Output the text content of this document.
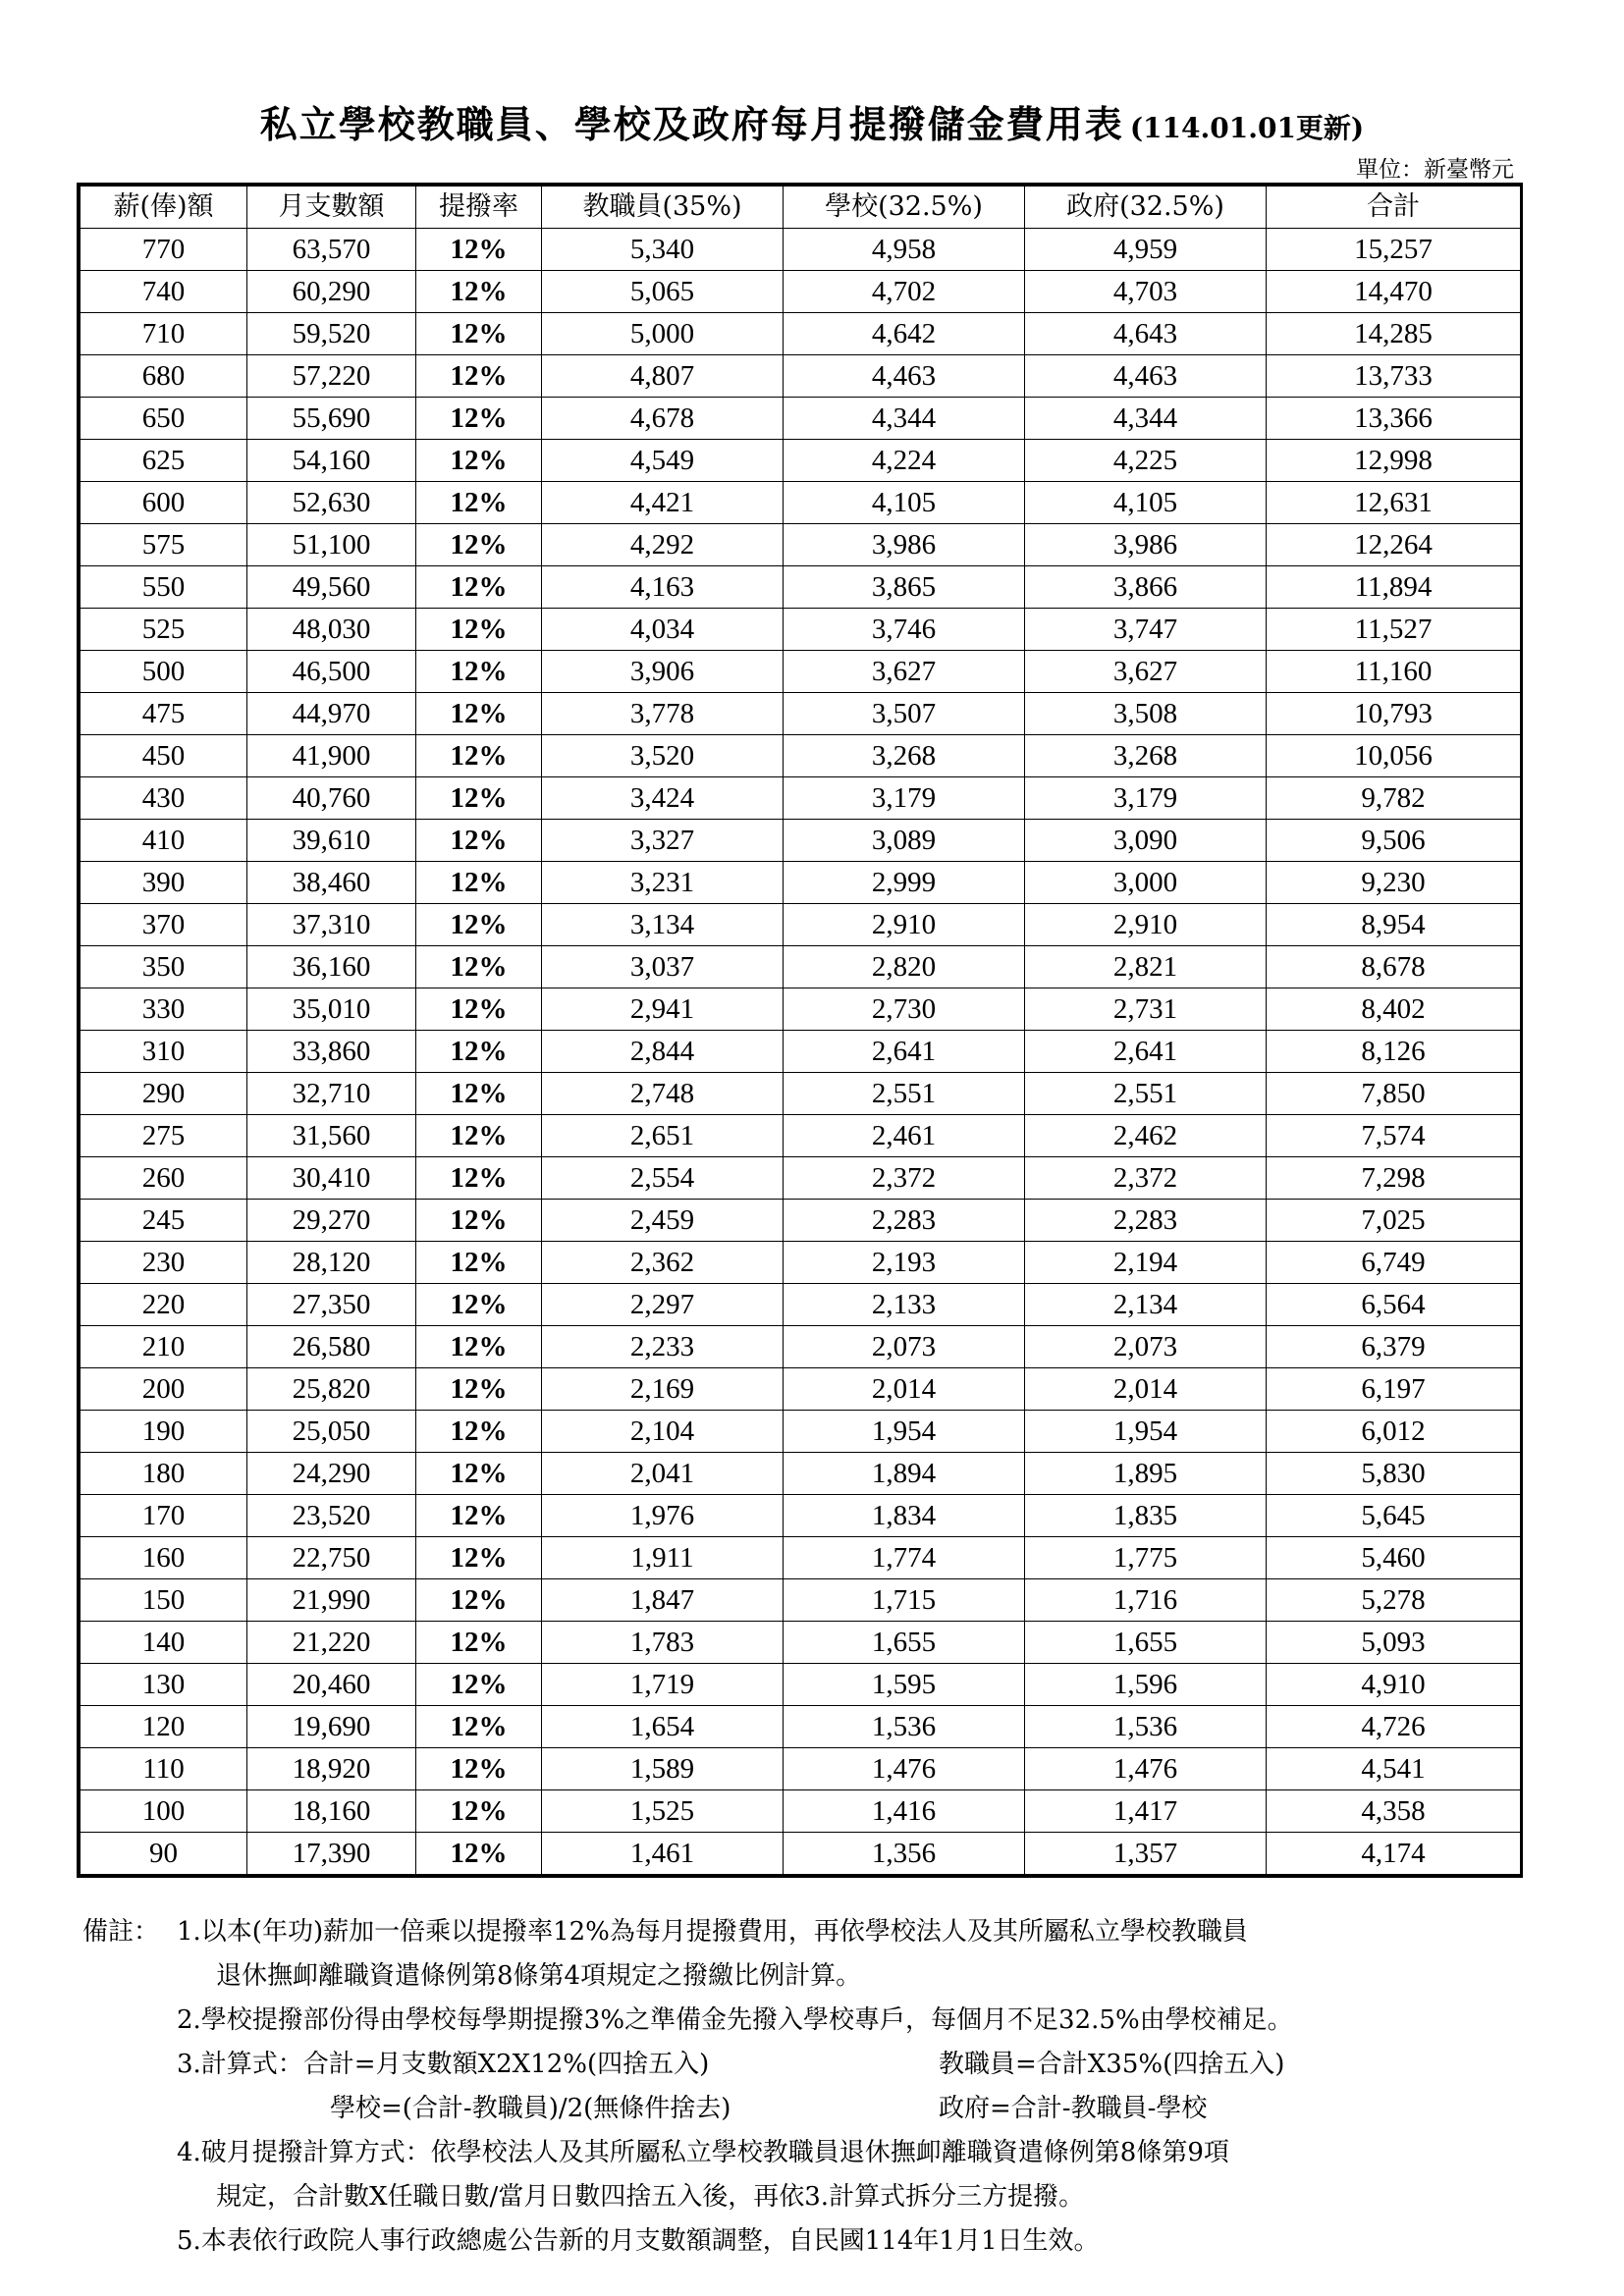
私立學校教職員、學校及政府每月提撥儲金費用表 (114.01.01更新)
單位：新臺幣元
薪(俸)額	月支數額	提撥率	教職員(35%)	學校(32.5%)	政府(32.5%)	合計
770	63,570	12%	5,340	4,958	4,959	15,257
740	60,290	12%	5,065	4,702	4,703	14,470
710	59,520	12%	5,000	4,642	4,643	14,285
680	57,220	12%	4,807	4,463	4,463	13,733
650	55,690	12%	4,678	4,344	4,344	13,366
625	54,160	12%	4,549	4,224	4,225	12,998
600	52,630	12%	4,421	4,105	4,105	12,631
575	51,100	12%	4,292	3,986	3,986	12,264
550	49,560	12%	4,163	3,865	3,866	11,894
525	48,030	12%	4,034	3,746	3,747	11,527
500	46,500	12%	3,906	3,627	3,627	11,160
475	44,970	12%	3,778	3,507	3,508	10,793
450	41,900	12%	3,520	3,268	3,268	10,056
430	40,760	12%	3,424	3,179	3,179	9,782
410	39,610	12%	3,327	3,089	3,090	9,506
390	38,460	12%	3,231	2,999	3,000	9,230
370	37,310	12%	3,134	2,910	2,910	8,954
350	36,160	12%	3,037	2,820	2,821	8,678
330	35,010	12%	2,941	2,730	2,731	8,402
310	33,860	12%	2,844	2,641	2,641	8,126
290	32,710	12%	2,748	2,551	2,551	7,850
275	31,560	12%	2,651	2,461	2,462	7,574
260	30,410	12%	2,554	2,372	2,372	7,298
245	29,270	12%	2,459	2,283	2,283	7,025
230	28,120	12%	2,362	2,193	2,194	6,749
220	27,350	12%	2,297	2,133	2,134	6,564
210	26,580	12%	2,233	2,073	2,073	6,379
200	25,820	12%	2,169	2,014	2,014	6,197
190	25,050	12%	2,104	1,954	1,954	6,012
180	24,290	12%	2,041	1,894	1,895	5,830
170	23,520	12%	1,976	1,834	1,835	5,645
160	22,750	12%	1,911	1,774	1,775	5,460
150	21,990	12%	1,847	1,715	1,716	5,278
140	21,220	12%	1,783	1,655	1,655	5,093
130	20,460	12%	1,719	1,595	1,596	4,910
120	19,690	12%	1,654	1,536	1,536	4,726
110	18,920	12%	1,589	1,476	1,476	4,541
100	18,160	12%	1,525	1,416	1,417	4,358
90	17,390	12%	1,461	1,356	1,357	4,174
備註： 1.以本(年功)薪加一倍乘以提撥率12%為每月提撥費用，再依學校法人及其所屬私立學校教職員
退休撫卹離職資遣條例第8條第4項規定之撥繳比例計算。
2.學校提撥部份得由學校每學期提撥3%之準備金先撥入學校專戶，每個月不足32.5%由學校補足。
3.計算式：合計=月支數額X2X12%(四捨五入)	教職員=合計X35%(四捨五入)
學校=(合計-教職員)/2(無條件捨去)	政府=合計-教職員-學校
4.破月提撥計算方式：依學校法人及其所屬私立學校教職員退休撫卹離職資遣條例第8條第9項
規定，合計數X任職日數/當月日數四捨五入後，再依3.計算式拆分三方提撥。
5.本表依行政院人事行政總處公告新的月支數額調整，自民國114年1月1日生效。
